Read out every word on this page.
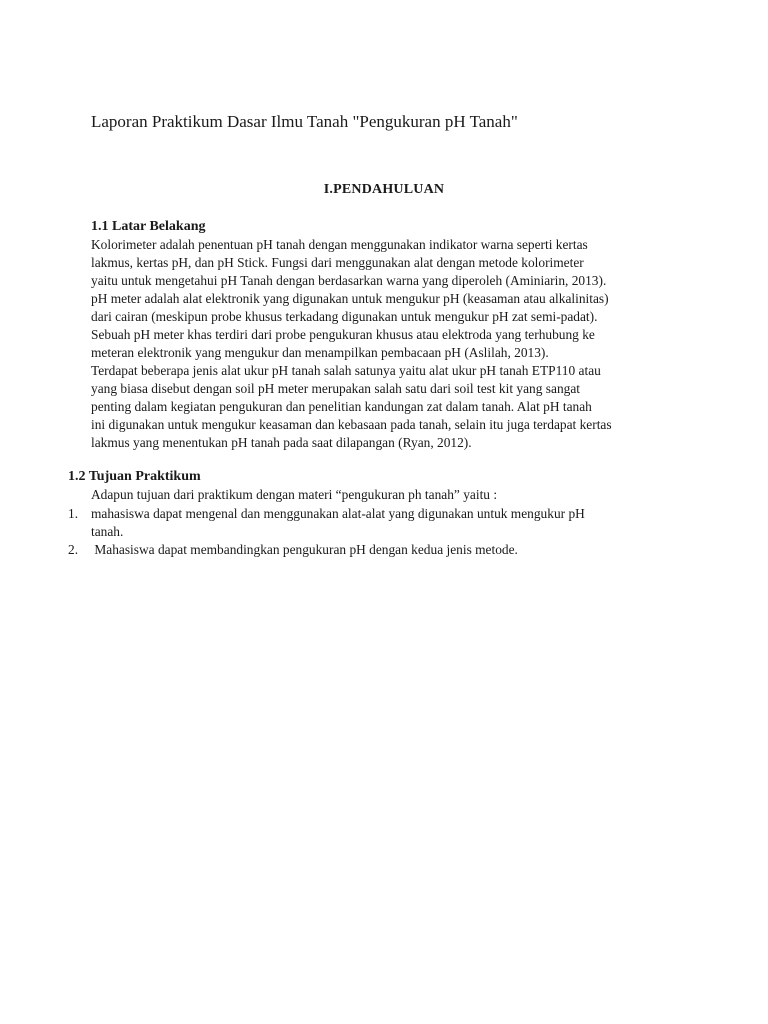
Laporan Praktikum Dasar Ilmu Tanah "Pengukuran pH Tanah"
I.PENDAHULUAN
1.1 Latar Belakang
Kolorimeter adalah penentuan pH tanah dengan menggunakan indikator warna seperti kertas
lakmus, kertas pH, dan pH Stick. Fungsi dari menggunakan alat dengan metode kolorimeter
yaitu untuk mengetahui pH Tanah dengan berdasarkan warna yang diperoleh (Aminiarin, 2013).
pH meter adalah alat elektronik yang digunakan untuk mengukur pH (keasaman atau alkalinitas)
dari cairan (meskipun probe khusus terkadang digunakan untuk mengukur pH zat semi-padat).
Sebuah pH meter khas terdiri dari probe pengukuran khusus atau elektroda yang terhubung ke
meteran elektronik yang mengukur dan menampilkan pembacaan pH (Aslilah, 2013).
Terdapat beberapa jenis alat ukur pH tanah salah satunya yaitu alat ukur pH tanah ETP110 atau
yang biasa disebut dengan soil pH meter merupakan salah satu dari soil test kit yang sangat
penting dalam kegiatan pengukuran dan penelitian kandungan zat dalam tanah. Alat pH tanah
ini digunakan untuk mengukur keasaman dan kebasaan pada tanah, selain itu juga terdapat kertas
lakmus yang menentukan pH tanah pada saat dilapangan (Ryan, 2012).
1.2 Tujuan Praktikum
Adapun tujuan dari praktikum dengan materi “pengukuran ph tanah” yaitu :
1. mahasiswa dapat mengenal dan menggunakan alat-alat yang digunakan untuk mengukur pH
tanah.
2. Mahasiswa dapat membandingkan pengukuran pH dengan kedua jenis metode.
